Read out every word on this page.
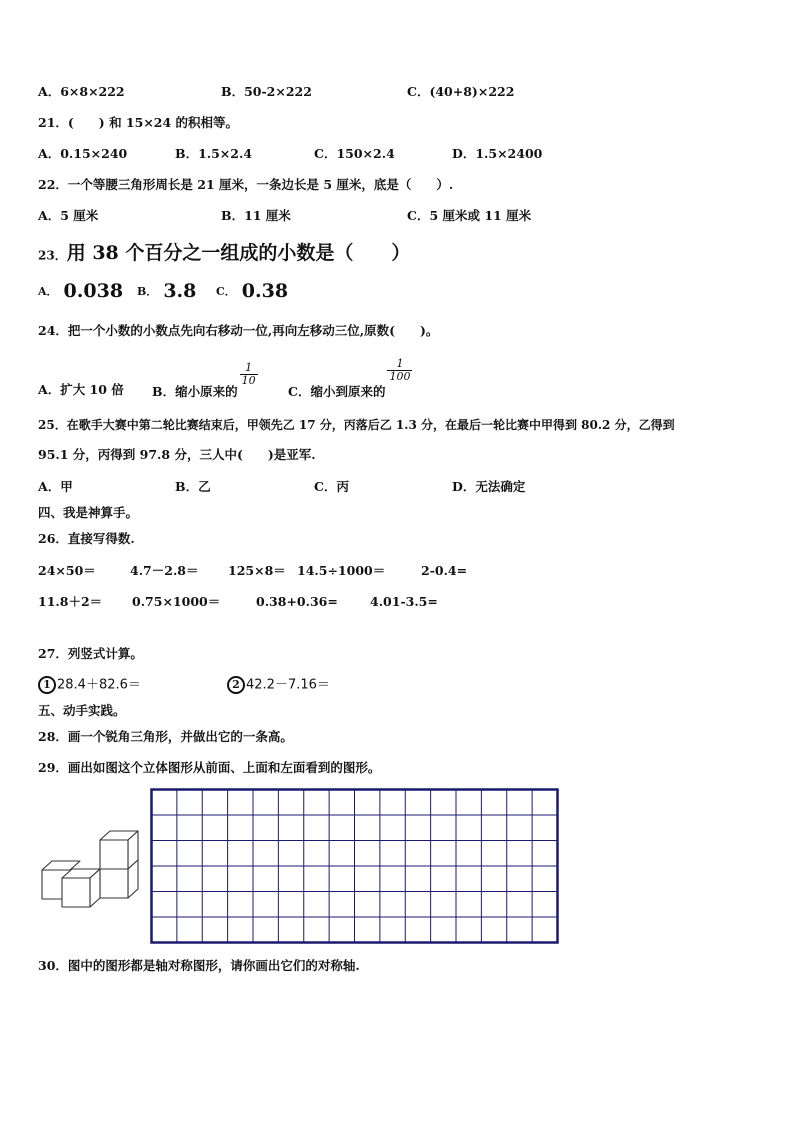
A．6×8×222	B．50-2×222	C．(40+8)×222
21．(　　) 和 15×24 的积相等。
A．0.15×240	B．1.5×2.4	C．150×2.4	D．1.5×2400
22．一个等腰三角形周长是 21 厘米，一条边长是 5 厘米，底是（　　）.
A．5 厘米	B．11 厘米	C．5 厘米或 11 厘米
23．用 38 个百分之一组成的小数是（　　）
A． 0.038 B． 3.8 C． 0.38
24．把一个小数的小数点先向右移动一位,再向左移动三位,原数(　　)。
A．扩大 10 倍 B．缩小原来的
$\frac{1}{10}$
C．缩小到原来的
$\frac{1}{100}$
25．在歌手大赛中第二轮比赛结束后，甲领先乙 17 分，丙落后乙 1.3 分，在最后一轮比赛中甲得到 80.2 分，乙得到
95.1 分，丙得到 97.8 分，三人中(　　)是亚军.
A．甲	B．乙	C．丙	D．无法确定
四、我是神算手。
26．直接写得数.
24×50＝	4.7－2.8＝ 125×8＝ 14.5÷1000＝	2-0.4=
11.8＋2＝ 0.75×1000＝	0.38+0.36=	4.01-3.5=
27．列竖式计算。
1 28.4＋82.6＝	2 42.2－7.16＝
五、动手实践。
28．画一个锐角三角形，并做出它的一条高。
29．画出如图这个立体图形从前面、上面和左面看到的图形。
30．图中的图形都是轴对称图形，请你画出它们的对称轴.
